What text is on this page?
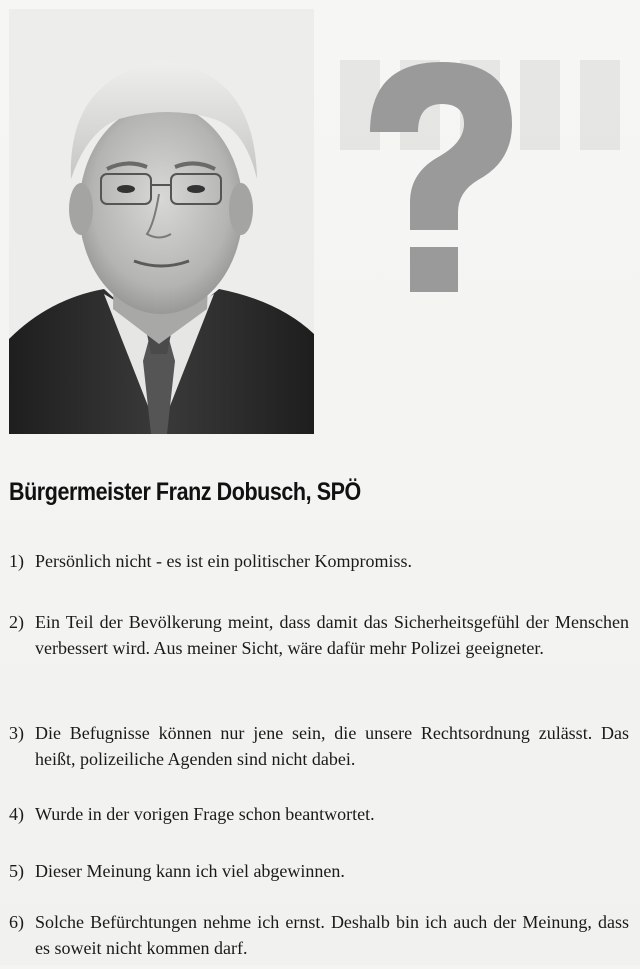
Bürgermeister Franz Dobusch, SPÖ
1) Persönlich nicht - es ist ein politischer Kompromiss.
2) Ein Teil der Bevölkerung meint, dass damit das Sicherheitsgefühl der Menschen verbessert wird. Aus meiner Sicht, wäre dafür mehr Polizei geeigneter.
3) Die Befugnisse können nur jene sein, die unsere Rechtsordnung zulässt. Das heißt, polizeiliche Agenden sind nicht dabei.
4) Wurde in der vorigen Frage schon beantwortet.
5) Dieser Meinung kann ich viel abgewinnen.
6) Solche Befürchtungen nehme ich ernst. Deshalb bin ich auch der Meinung, dass es soweit nicht kommen darf.
